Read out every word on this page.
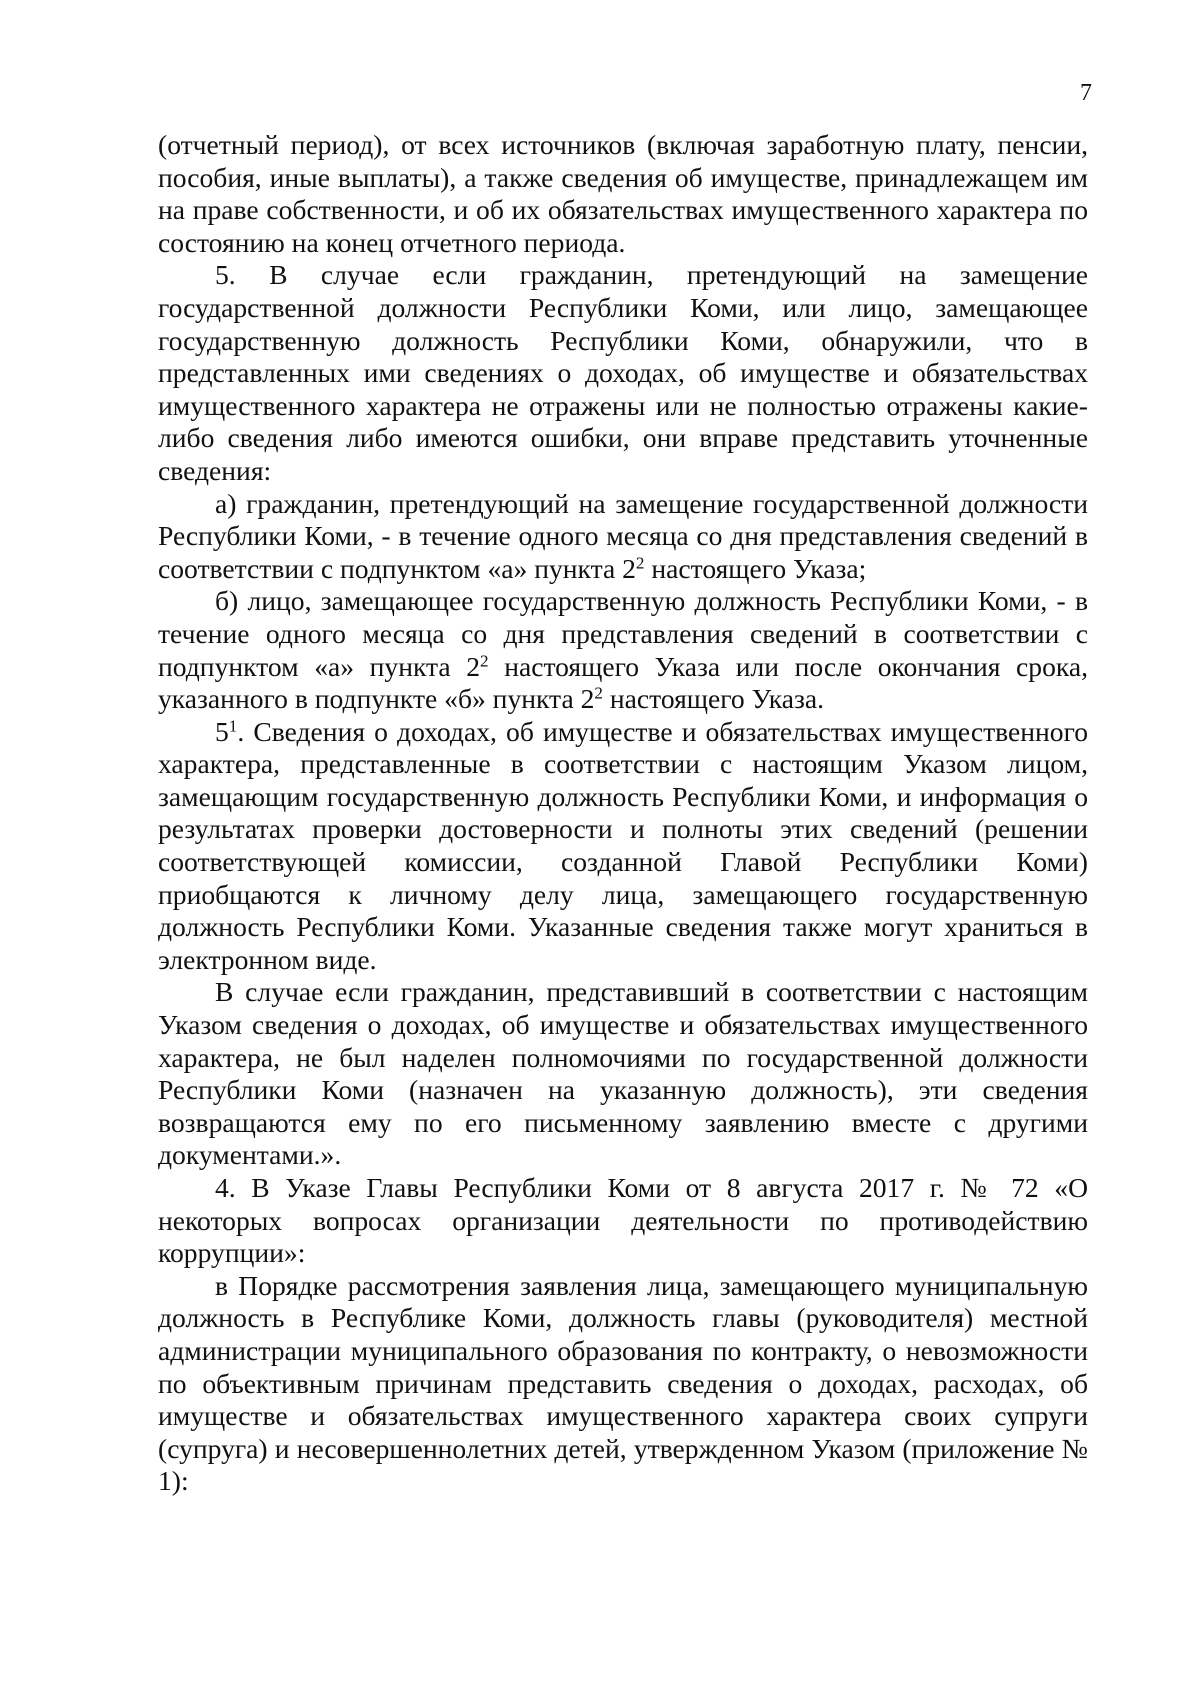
7

(отчетный период), от всех источников (включая заработную плату, пенсии, пособия, иные выплаты), а также сведения об имуществе, принадлежащем им на праве собственности, и об их обязательствах имущественного характера по состоянию на конец отчетного периода.

5. В случае если гражданин, претендующий на замещение государственной должности Республики Коми, или лицо, замещающее государственную должность Республики Коми, обнаружили, что в представленных ими сведениях о доходах, об имуществе и обязательствах имущественного характера не отражены или не полностью отражены какие-либо сведения либо имеются ошибки, они вправе представить уточненные сведения:

а) гражданин, претендующий на замещение государственной должности Республики Коми, - в течение одного месяца со дня представления сведений в соответствии с подпунктом «а» пункта $2^2$ настоящего Указа;

б) лицо, замещающее государственную должность Республики Коми, - в течение одного месяца со дня представления сведений в соответствии с подпунктом «а» пункта $2^2$ настоящего Указа или после окончания срока, указанного в подпункте «б» пункта $2^2$ настоящего Указа.

$5^1$. Сведения о доходах, об имуществе и обязательствах имущественного характера, представленные в соответствии с настоящим Указом лицом, замещающим государственную должность Республики Коми, и информация о результатах проверки достоверности и полноты этих сведений (решении соответствующей комиссии, созданной Главой Республики Коми) приобщаются к личному делу лица, замещающего государственную должность Республики Коми. Указанные сведения также могут храниться в электронном виде.

В случае если гражданин, представивший в соответствии с настоящим Указом сведения о доходах, об имуществе и обязательствах имущественного характера, не был наделен полномочиями по государственной должности Республики Коми (назначен на указанную должность), эти сведения возвращаются ему по его письменному заявлению вместе с другими документами.».

4. В Указе Главы Республики Коми от 8 августа 2017 г. № 72 «О некоторых вопросах организации деятельности по противодействию коррупции»:

в Порядке рассмотрения заявления лица, замещающего муниципальную должность в Республике Коми, должность главы (руководителя) местной администрации муниципального образования по контракту, о невозможности по объективным причинам представить сведения о доходах, расходах, об имуществе и обязательствах имущественного характера своих супруги (супруга) и несовершеннолетних детей, утвержденном Указом (приложение № 1):
